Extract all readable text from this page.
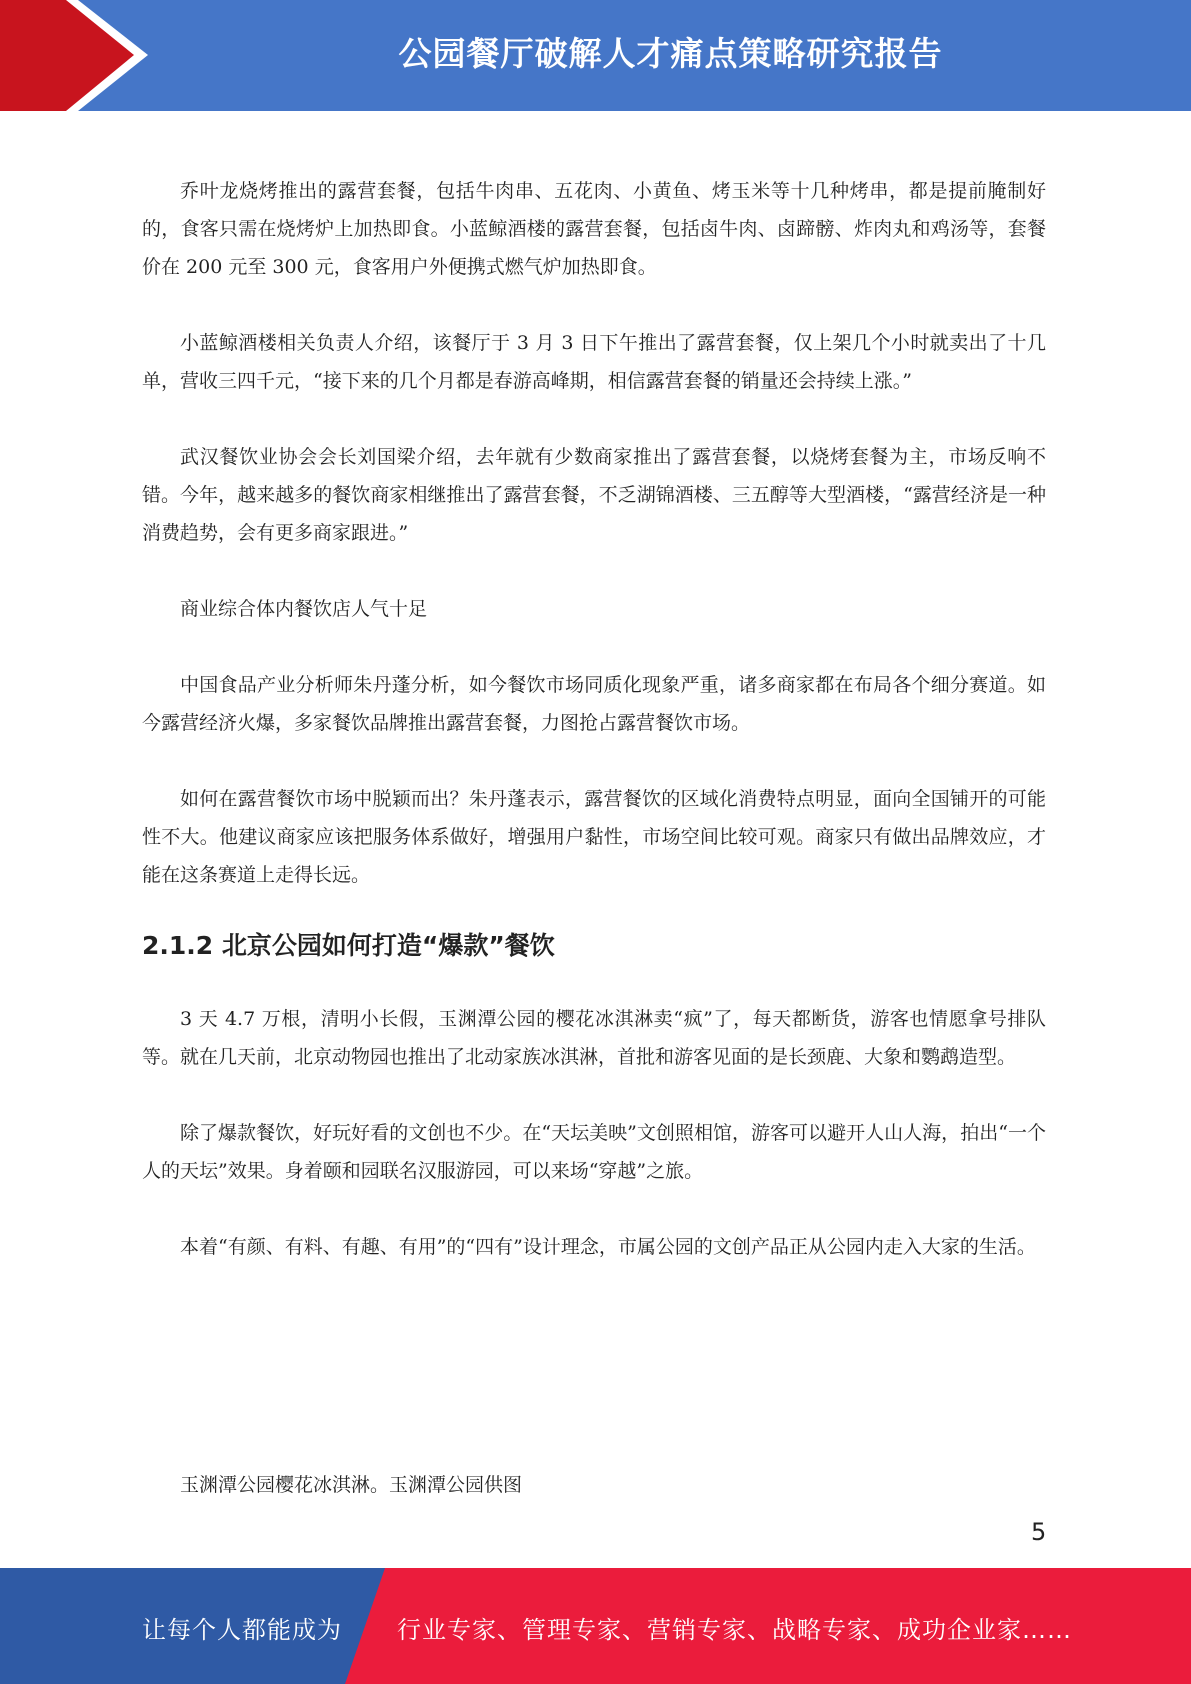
公园餐厅破解人才痛点策略研究报告

乔叶龙烧烤推出的露营套餐，包括牛肉串、五花肉、小黄鱼、烤玉米等十几种烤串，都是提前腌制好的，食客只需在烧烤炉上加热即食。小蓝鲸酒楼的露营套餐，包括卤牛肉、卤蹄髈、炸肉丸和鸡汤等，套餐价在 200 元至 300 元，食客用户外便携式燃气炉加热即食。

小蓝鲸酒楼相关负责人介绍，该餐厅于 3 月 3 日下午推出了露营套餐，仅上架几个小时就卖出了十几单，营收三四千元，“接下来的几个月都是春游高峰期，相信露营套餐的销量还会持续上涨。”

武汉餐饮业协会会长刘国梁介绍，去年就有少数商家推出了露营套餐，以烧烤套餐为主，市场反响不错。今年，越来越多的餐饮商家相继推出了露营套餐，不乏湖锦酒楼、三五醇等大型酒楼，“露营经济是一种消费趋势，会有更多商家跟进。”

商业综合体内餐饮店人气十足

中国食品产业分析师朱丹蓬分析，如今餐饮市场同质化现象严重，诸多商家都在布局各个细分赛道。如今露营经济火爆，多家餐饮品牌推出露营套餐，力图抢占露营餐饮市场。

如何在露营餐饮市场中脱颖而出？朱丹蓬表示，露营餐饮的区域化消费特点明显，面向全国铺开的可能性不大。他建议商家应该把服务体系做好，增强用户黏性，市场空间比较可观。商家只有做出品牌效应，才能在这条赛道上走得长远。

2.1.2 北京公园如何打造“爆款”餐饮

3 天 4.7 万根，清明小长假，玉渊潭公园的樱花冰淇淋卖“疯”了，每天都断货，游客也情愿拿号排队等。就在几天前，北京动物园也推出了北动家族冰淇淋，首批和游客见面的是长颈鹿、大象和鹦鹉造型。

除了爆款餐饮，好玩好看的文创也不少。在“天坛美映”文创照相馆，游客可以避开人山人海，拍出“一个人的天坛”效果。身着颐和园联名汉服游园，可以来场“穿越”之旅。

本着“有颜、有料、有趣、有用”的“四有”设计理念，市属公园的文创产品正从公园内走入大家的生活。

玉渊潭公园樱花冰淇淋。玉渊潭公园供图
5
让每个人都能成为 行业专家、管理专家、营销专家、战略专家、成功企业家……
